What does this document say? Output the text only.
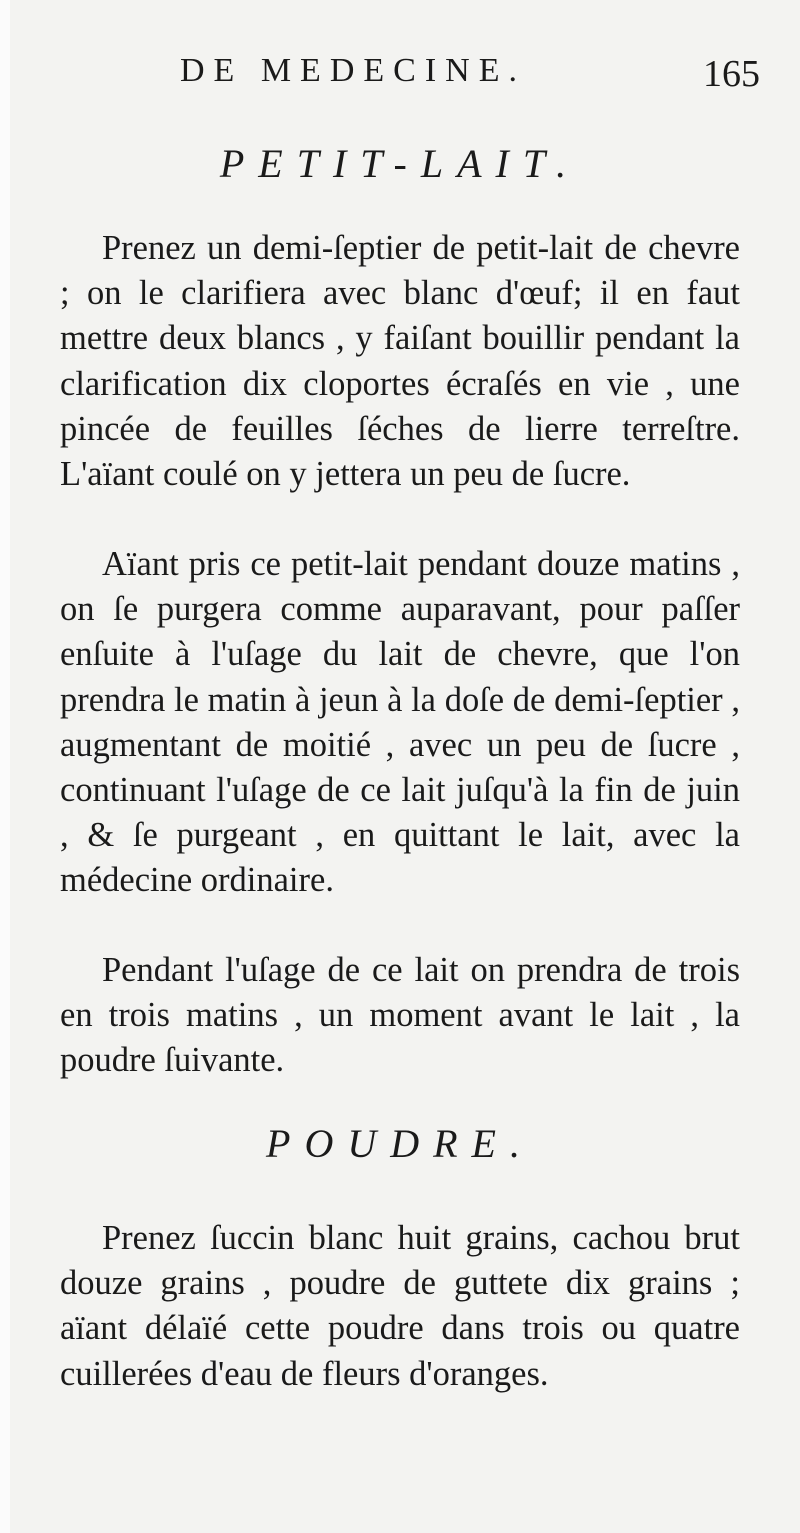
DE MEDECINE.	165
PETIT-LAIT.

Prenez un demi-ſeptier de petit-lait de chevre ; on le clarifiera avec blanc d'œuf; il en faut mettre deux blancs , y faiſant bouillir pendant la clarification dix cloportes écraſés en vie , une pincée de feuilles ſéches de lierre terreſtre. L'aïant coulé on y jettera un peu de ſucre.

Aïant pris ce petit-lait pendant douze matins , on ſe purgera comme auparavant, pour paſſer enſuite à l'uſage du lait de chevre, que l'on prendra le matin à jeun à la doſe de demi-ſeptier , augmentant de moitié , avec un peu de ſucre , continuant l'uſage de ce lait juſqu'à la fin de juin , & ſe purgeant , en quittant le lait, avec la médecine ordinaire.

Pendant l'uſage de ce lait on prendra de trois en trois matins , un moment avant le lait , la poudre ſuivante.

POUDRE.

Prenez ſuccin blanc huit grains, cachou brut douze grains , poudre de guttete dix grains ; aïant délaïé cette poudre dans trois ou quatre cuillerées d'eau de fleurs d'oranges.
